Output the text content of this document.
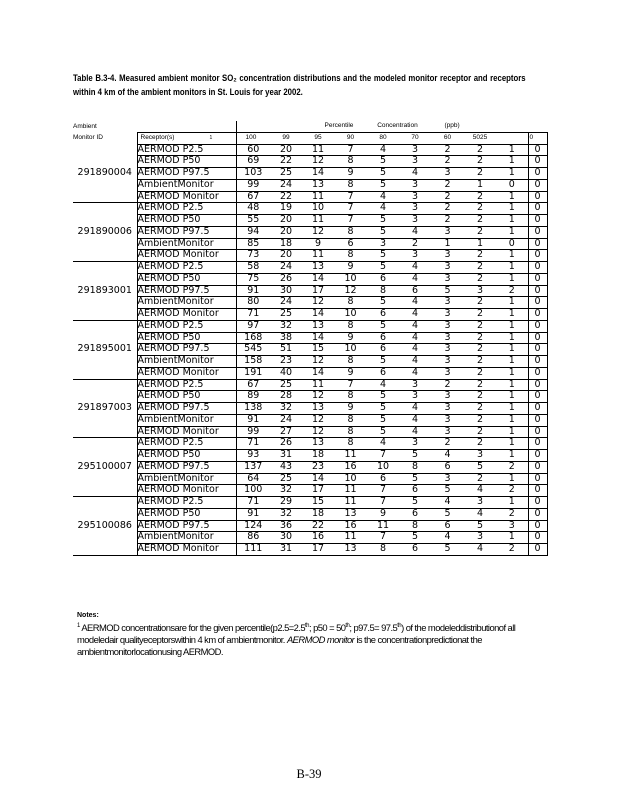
Table B.3-4. Measured ambient monitor SO₂ concentration distributions and the modeled monitor receptor and receptors within 4 km of the ambient monitors in St. Louis for year 2002.
Ambient		Percentile Concentration (ppb)									
Monitor ID	Receptor(s) 1	100	99	95	90	80	70	60	5025		0
291890004	AERMOD P2.5	60	20	11	7	4	3	2	2	1	0
	AERMOD P50	69	22	12	8	5	3	2	2	1	0
	AERMOD P97.5	103	25	14	9	5	4	3	2	1	0
	AmbientMonitor	99	24	13	8	5	3	2	1	0	0
	AERMOD Monitor	67	22	11	7	4	3	2	2	1	0
291890006	AERMOD P2.5	48	19	10	7	4	3	2	2	1	0
	AERMOD P50	55	20	11	7	5	3	2	2	1	0
	AERMOD P97.5	94	20	12	8	5	4	3	2	1	0
	AmbientMonitor	85	18	9	6	3	2	1	1	0	0
	AERMOD Monitor	73	20	11	8	5	3	3	2	1	0
291893001	AERMOD P2.5	58	24	13	9	5	4	3	2	1	0
	AERMOD P50	75	26	14	10	6	4	3	2	1	0
	AERMOD P97.5	91	30	17	12	8	6	5	3	2	0
	AmbientMonitor	80	24	12	8	5	4	3	2	1	0
	AERMOD Monitor	71	25	14	10	6	4	3	2	1	0
291895001	AERMOD P2.5	97	32	13	8	5	4	3	2	1	0
	AERMOD P50	168	38	14	9	6	4	3	2	1	0
	AERMOD P97.5	545	51	15	10	6	4	3	2	1	0
	AmbientMonitor	158	23	12	8	5	4	3	2	1	0
	AERMOD Monitor	191	40	14	9	6	4	3	2	1	0
291897003	AERMOD P2.5	67	25	11	7	4	3	2	2	1	0
	AERMOD P50	89	28	12	8	5	3	3	2	1	0
	AERMOD P97.5	138	32	13	9	5	4	3	2	1	0
	AmbientMonitor	91	24	12	8	5	4	3	2	1	0
	AERMOD Monitor	99	27	12	8	5	4	3	2	1	0
295100007	AERMOD P2.5	71	26	13	8	4	3	2	2	1	0
	AERMOD P50	93	31	18	11	7	5	4	3	1	0
	AERMOD P97.5	137	43	23	16	10	8	6	5	2	0
	AmbientMonitor	64	25	14	10	6	5	3	2	1	0
	AERMOD Monitor	100	32	17	11	7	6	5	4	2	0
295100086	AERMOD P2.5	71	29	15	11	7	5	4	3	1	0
	AERMOD P50	91	32	18	13	9	6	5	4	2	0
	AERMOD P97.5	124	36	22	16	11	8	6	5	3	0
	AmbientMonitor	86	30	16	11	7	5	4	3	1	0
	AERMOD Monitor	111	31	17	13	8	6	5	4	2	0
Notes:
$^1$ AERMOD concentrationsare for the given percentile(p2.5=2.5th; p50 = 50th; p97.5= 97.5th) of the modeleddistributionof all modeledair qualityeceptorswithin 4 km of ambientmonitor. AERMOD monitor is the concentrationpredictionat the ambientmonitorlocationusing AERMOD.
B-39
